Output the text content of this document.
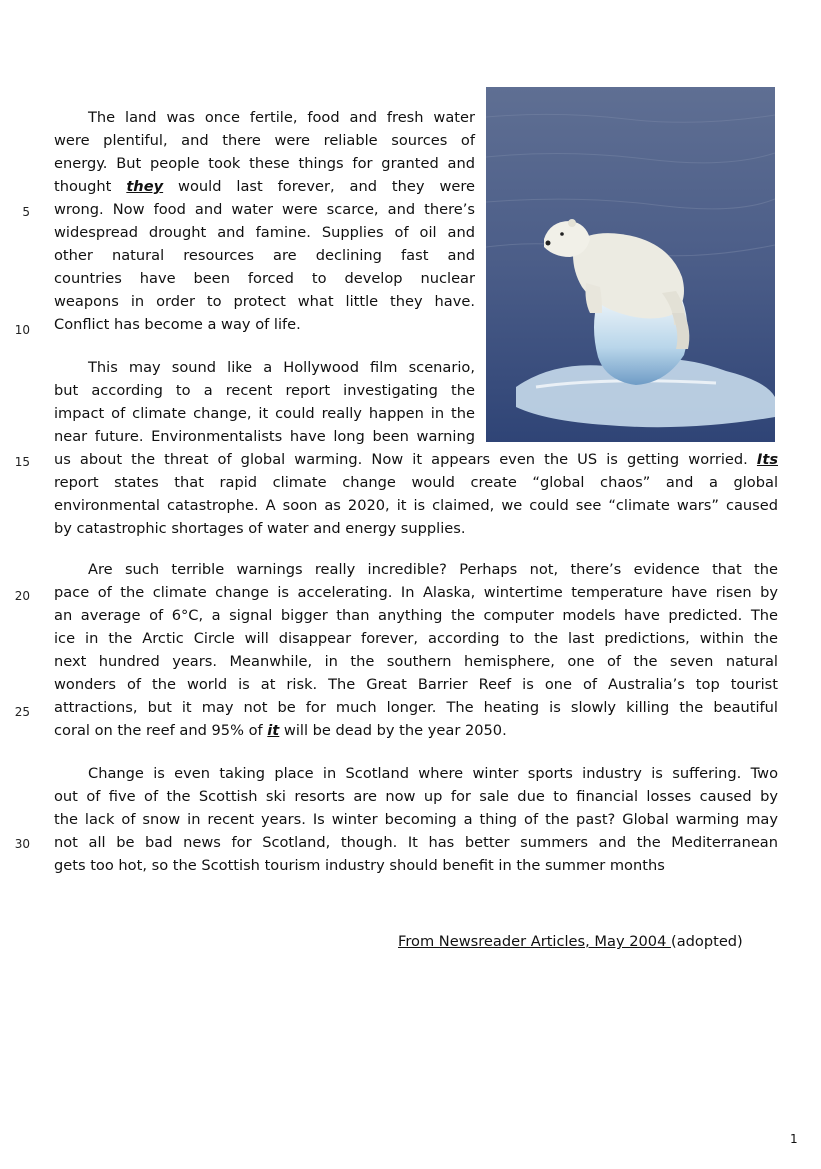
5
10
15
20
25
30
The land was once fertile, food and fresh water
were plentiful, and there were reliable sources of
energy. But people took these things for granted and
thought they would last forever, and they were
wrong. Now food and water were scarce, and there’s
widespread drought and famine. Supplies of oil and
other natural resources are declining fast and
countries have been forced to develop nuclear
weapons in order to protect what little they have.
Conflict has become a way of life.
This may sound like a Hollywood film scenario,
but according to a recent report investigating the
impact of climate change, it could really happen in the
near future. Environmentalists have long been warning
us about the threat of global warming. Now it appears even the US is getting worried. Its
report states that rapid climate change would create “global chaos” and a global
environmental catastrophe. A soon as 2020, it is claimed, we could see “climate wars” caused
by catastrophic shortages of water and energy supplies.
Are such terrible warnings really incredible? Perhaps not, there’s evidence that the
pace of the climate change is accelerating. In Alaska, wintertime temperature have risen by
an average of 6°C, a signal bigger than anything the computer models have predicted. The
ice in the Arctic Circle will disappear forever, according to the last predictions, within the
next hundred years. Meanwhile, in the southern hemisphere, one of the seven natural
wonders of the world is at risk. The Great Barrier Reef is one of Australia’s top tourist
attractions, but it may not be for much longer. The heating is slowly killing the beautiful
coral on the reef and 95% of it will be dead by the year 2050.
Change is even taking place in Scotland where winter sports industry is suffering. Two
out of five of the Scottish ski resorts are now up for sale due to financial losses caused by
the lack of snow in recent years. Is winter becoming a thing of the past? Global warming may
not all be bad news for Scotland, though. It has better summers and the Mediterranean
gets too hot, so the Scottish tourism industry should benefit in the summer months
From Newsreader Articles, May 2004 (adopted)
1
